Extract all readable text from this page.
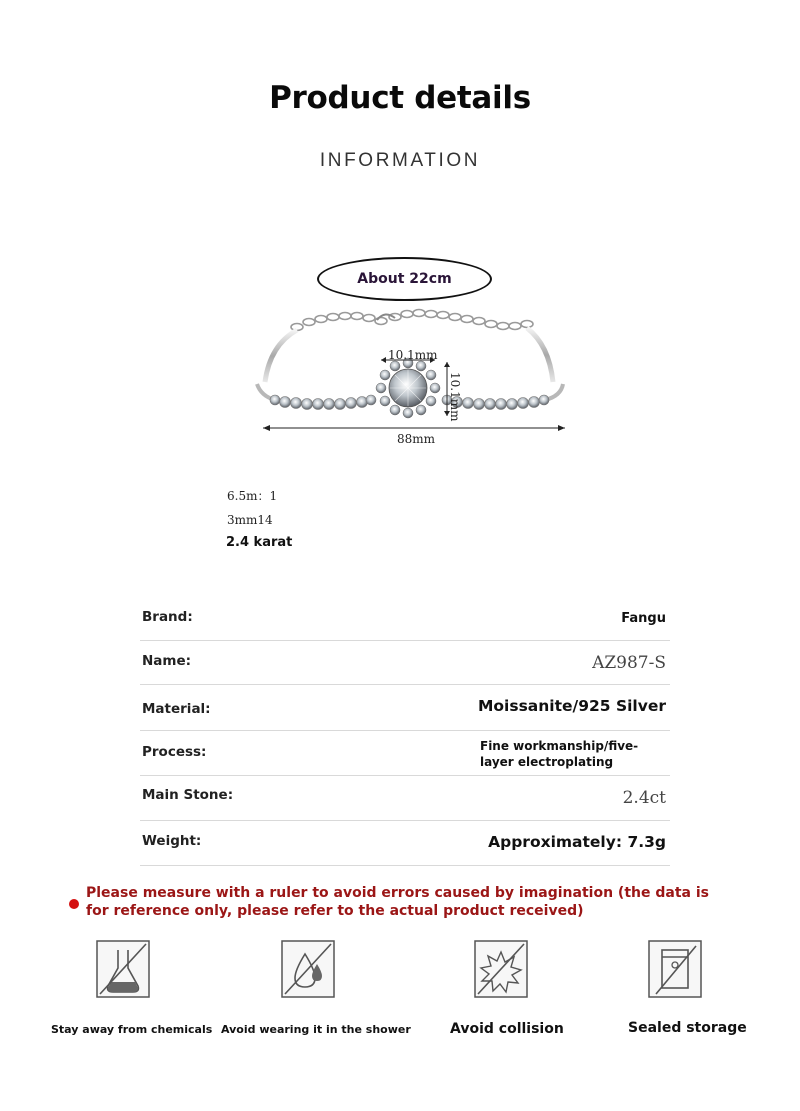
Product details
INFORMATION
About 22cm
10.1mm
10.1mm
88mm
6.5m：1
3mm14
2.4 karat
Brand:	Fangu
Name:	AZ987-S
Material:	Moissanite/925 Silver
Process:	Fine workmanship/five-layer electroplating
Main Stone:	2.4ct
Weight:	Approximately: 7.3g
Please measure with a ruler to avoid errors caused by imagination (the data is for reference only, please refer to the actual product received)
Stay away from chemicals Avoid wearing it in the shower	Avoid collision	Sealed storage
